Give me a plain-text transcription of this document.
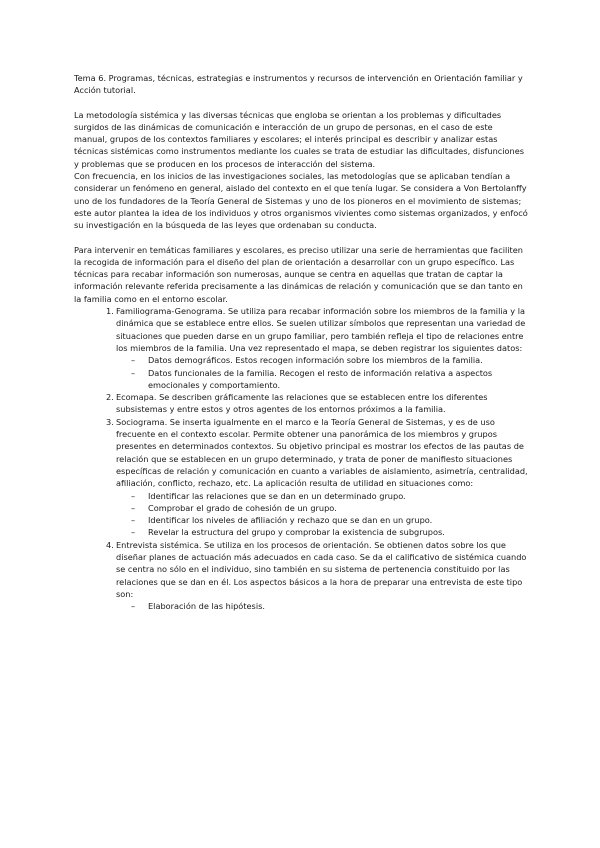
Tema 6. Programas, técnicas, estrategias e instrumentos y recursos de intervención en Orientación familiar y Acción tutorial.

La metodología sistémica y las diversas técnicas que engloba se orientan a los problemas y dificultades surgidos de las dinámicas de comunicación e interacción de un grupo de personas, en el caso de este manual, grupos de los contextos familiares y escolares; el interés principal es describir y analizar estas técnicas sistémicas como instrumentos mediante los cuales se trata de estudiar las dificultades, disfunciones y problemas que se producen en los procesos de interacción del sistema.

Con frecuencia, en los inicios de las investigaciones sociales, las metodologías que se aplicaban tendían a considerar un fenómeno en general, aislado del contexto en el que tenía lugar. Se considera a Von Bertolanffy uno de los fundadores de la Teoría General de Sistemas y uno de los pioneros en el movimiento de sistemas; este autor plantea la idea de los individuos y otros organismos vivientes como sistemas organizados, y enfocó su investigación en la búsqueda de las leyes que ordenaban su conducta.

Para intervenir en temáticas familiares y escolares, es preciso utilizar una serie de herramientas que faciliten la recogida de información para el diseño del plan de orientación a desarrollar con un grupo específico. Las técnicas para recabar información son numerosas, aunque se centra en aquellas que tratan de captar la información relevante referida precisamente a las dinámicas de relación y comunicación que se dan tanto en la familia como en el entorno escolar.

1. Familiograma-Genograma. Se utiliza para recabar información sobre los miembros de la familia y la dinámica que se establece entre ellos. Se suelen utilizar símbolos que representan una variedad de situaciones que pueden darse en un grupo familiar, pero también refleja el tipo de relaciones entre los miembros de la familia. Una vez representado el mapa, se deben registrar los siguientes datos:
– Datos demográficos. Estos recogen información sobre los miembros de la familia.
– Datos funcionales de la familia. Recogen el resto de información relativa a aspectos emocionales y comportamiento.
2. Ecomapa. Se describen gráficamente las relaciones que se establecen entre los diferentes subsistemas y entre estos y otros agentes de los entornos próximos a la familia.
3. Sociograma. Se inserta igualmente en el marco e la Teoría General de Sistemas, y es de uso frecuente en el contexto escolar. Permite obtener una panorámica de los miembros y grupos presentes en determinados contextos. Su objetivo principal es mostrar los efectos de las pautas de relación que se establecen en un grupo determinado, y trata de poner de manifiesto situaciones específicas de relación y comunicación en cuanto a variables de aislamiento, asimetría, centralidad, afiliación, conflicto, rechazo, etc. La aplicación resulta de utilidad en situaciones como:
– Identificar las relaciones que se dan en un determinado grupo.
– Comprobar el grado de cohesión de un grupo.
– Identificar los niveles de afiliación y rechazo que se dan en un grupo.
– Revelar la estructura del grupo y comprobar la existencia de subgrupos.
4. Entrevista sistémica. Se utiliza en los procesos de orientación. Se obtienen datos sobre los que diseñar planes de actuación más adecuados en cada caso. Se da el calificativo de sistémica cuando se centra no sólo en el individuo, sino también en su sistema de pertenencia constituido por las relaciones que se dan en él. Los aspectos básicos a la hora de preparar una entrevista de este tipo son:
– Elaboración de las hipótesis.
